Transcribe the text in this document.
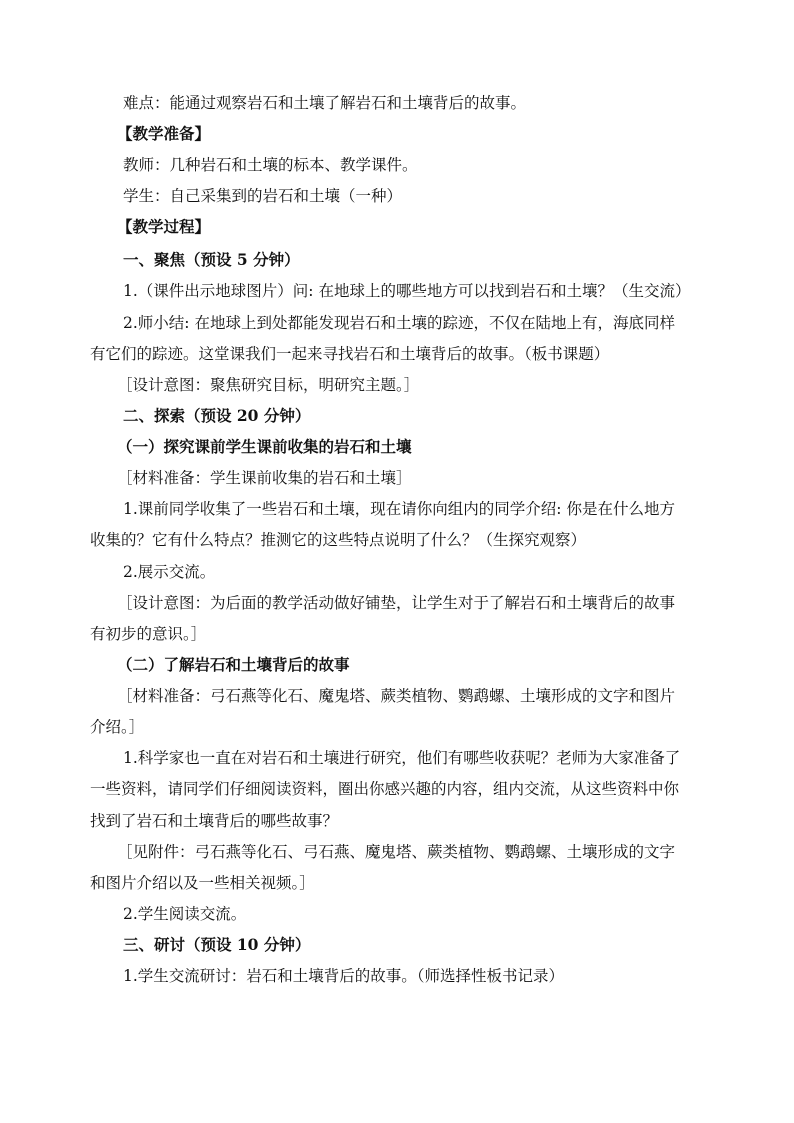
难点：能通过观察岩石和土壤了解岩石和土壤背后的故事。
【教学准备】
教师：几种岩石和土壤的标本、教学课件。
学生：自己采集到的岩石和土壤（一种）
【教学过程】
一、聚焦（预设 5 分钟）
1.（课件出示地球图片）问: 在地球上的哪些地方可以找到岩石和土壤？（生交流）
2.师小结: 在地球上到处都能发现岩石和土壤的踪迹，不仅在陆地上有，海底同样
有它们的踪迹。这堂课我们一起来寻找岩石和土壤背后的故事。（板书课题）
［设计意图：聚焦研究目标，明研究主题。］
二、探索（预设 20 分钟）
（一）探究课前学生课前收集的岩石和土壤
［材料准备：学生课前收集的岩石和土壤］
1.课前同学收集了一些岩石和土壤，现在请你向组内的同学介绍: 你是在什么地方
收集的？它有什么特点？推测它的这些特点说明了什么？（生探究观察）
2.展示交流。
［设计意图：为后面的教学活动做好铺垫，让学生对于了解岩石和土壤背后的故事
有初步的意识。］
（二）了解岩石和土壤背后的故事
［材料准备：弓石燕等化石、魔鬼塔、蕨类植物、鹦鹉螺、土壤形成的文字和图片
介绍。］
1.科学家也一直在对岩石和土壤进行研究，他们有哪些收获呢？老师为大家准备了
一些资料，请同学们仔细阅读资料，圈出你感兴趣的内容，组内交流，从这些资料中你
找到了岩石和土壤背后的哪些故事？
［见附件：弓石燕等化石、弓石燕、魔鬼塔、蕨类植物、鹦鹉螺、土壤形成的文字
和图片介绍以及一些相关视频。］
2.学生阅读交流。
三、研讨（预设 10 分钟）
1.学生交流研讨：岩石和土壤背后的故事。（师选择性板书记录）
